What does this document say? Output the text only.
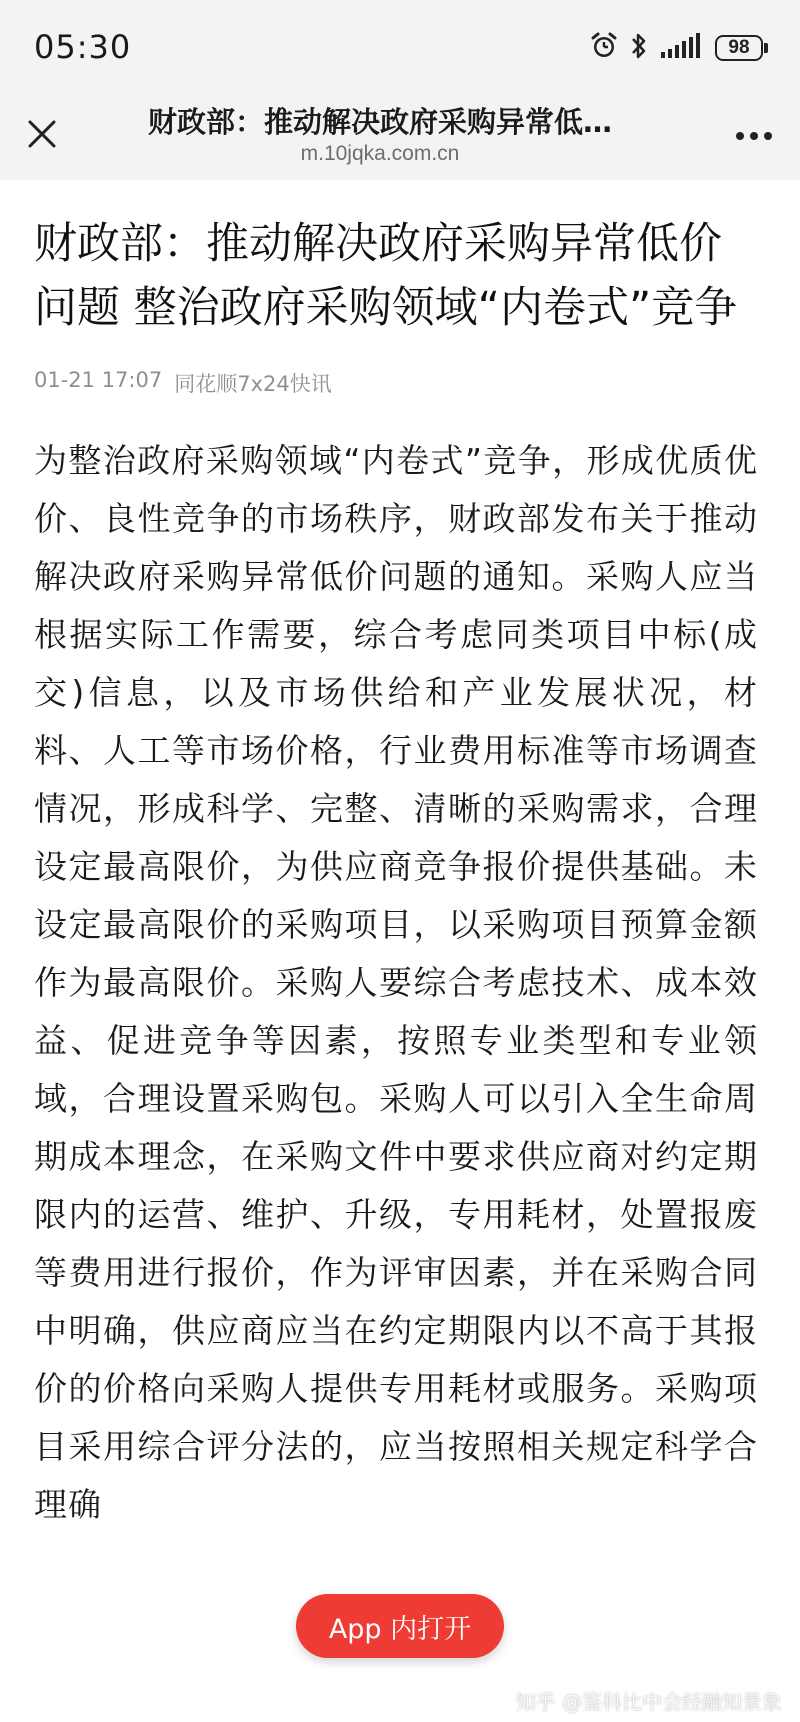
05:30	98
财政部：推动解决政府采购异常低…
m.10jqka.com.cn
财政部：推动解决政府采购异常低价问题 整治政府采购领域“内卷式”竞争
01-21 17:07 同花顺7x24快讯
为整治政府采购领域“内卷式”竞争，形成优质优价、良性竞争的市场秩序，财政部发布关于推动解决政府采购异常低价问题的通知。采购人应当根据实际工作需要，综合考虑同类项目中标(成交)信息，以及市场供给和产业发展状况，材料、人工等市场价格，行业费用标准等市场调查情况，形成科学、完整、清晰的采购需求，合理设定最高限价，为供应商竞争报价提供基础。未设定最高限价的采购项目，以采购项目预算金额作为最高限价。采购人要综合考虑技术、成本效益、促进竞争等因素，按照专业类型和专业领域，合理设置采购包。采购人可以引入全生命周期成本理念，在采购文件中要求供应商对约定期限内的运营、维护、升级，专用耗材，处置报废等费用进行报价，作为评审因素，并在采购合同中明确，供应商应当在约定期限内以不高于其报价的价格向采购人提供专用耗材或服务。采购项目采用综合评分法的，应当按照相关规定科学合理确
App 内打开
知乎 @鉴科比中会经融知景象
